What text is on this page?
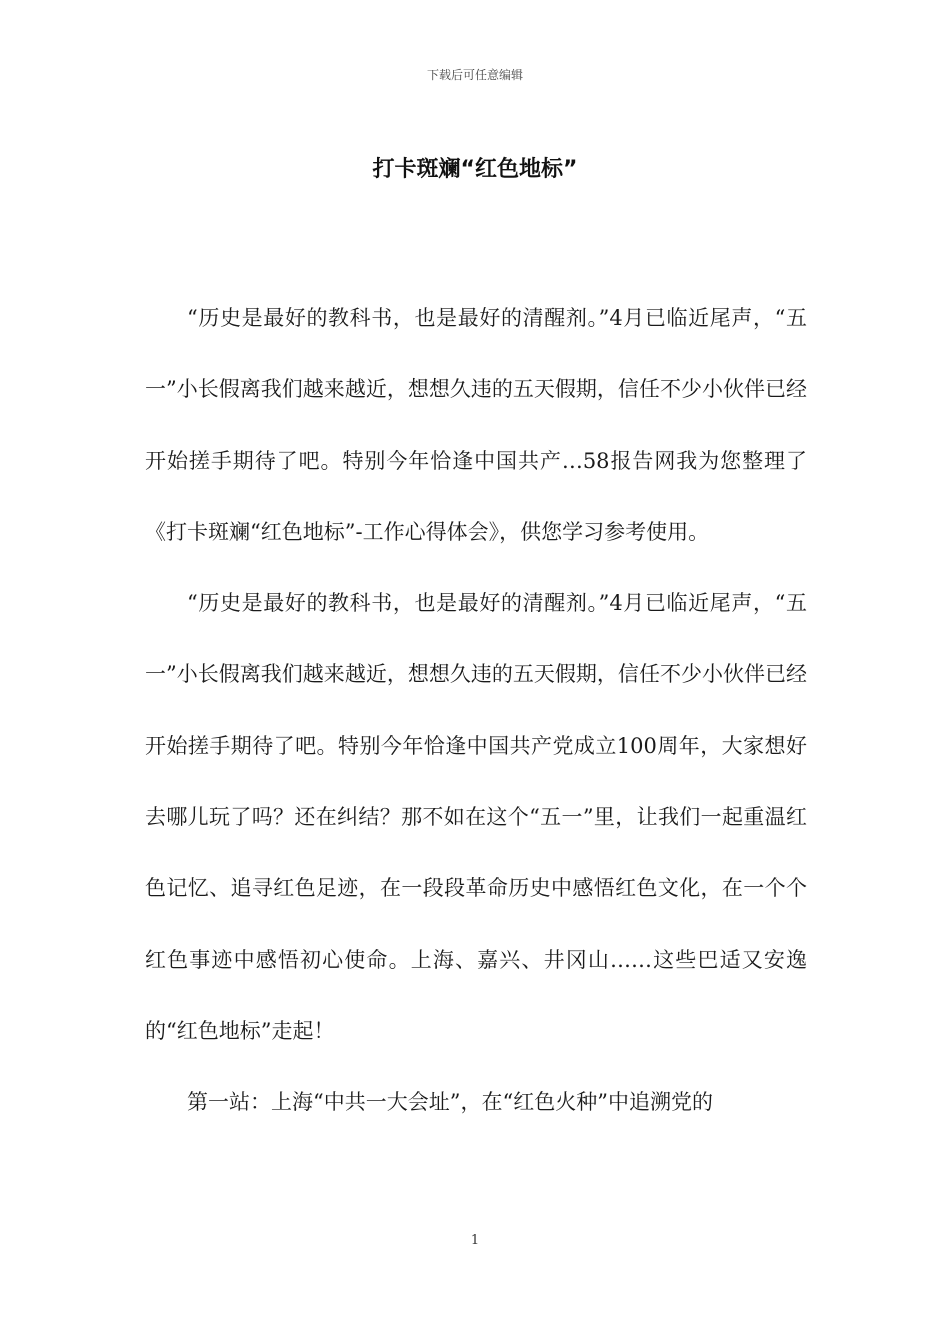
下载后可任意编辑
打卡斑斓“红色地标”

“历史是最好的教科书，也是最好的清醒剂。”4月已临近尾声，“五一”小长假离我们越来越近，想想久违的五天假期，信任不少小伙伴已经开始搓手期待了吧。特别今年恰逢中国共产…58报告网我为您整理了《打卡斑斓“红色地标”-工作心得体会》，供您学习参考使用。

“历史是最好的教科书，也是最好的清醒剂。”4月已临近尾声，“五一”小长假离我们越来越近，想想久违的五天假期，信任不少小伙伴已经开始搓手期待了吧。特别今年恰逢中国共产党成立100周年，大家想好去哪儿玩了吗？还在纠结？那不如在这个“五一”里，让我们一起重温红色记忆、追寻红色足迹，在一段段革命历史中感悟红色文化，在一个个红色事迹中感悟初心使命。上海、嘉兴、井冈山……这些巴适又安逸的“红色地标”走起！

第一站：上海“中共一大会址”，在“红色火种”中追溯党的

1
